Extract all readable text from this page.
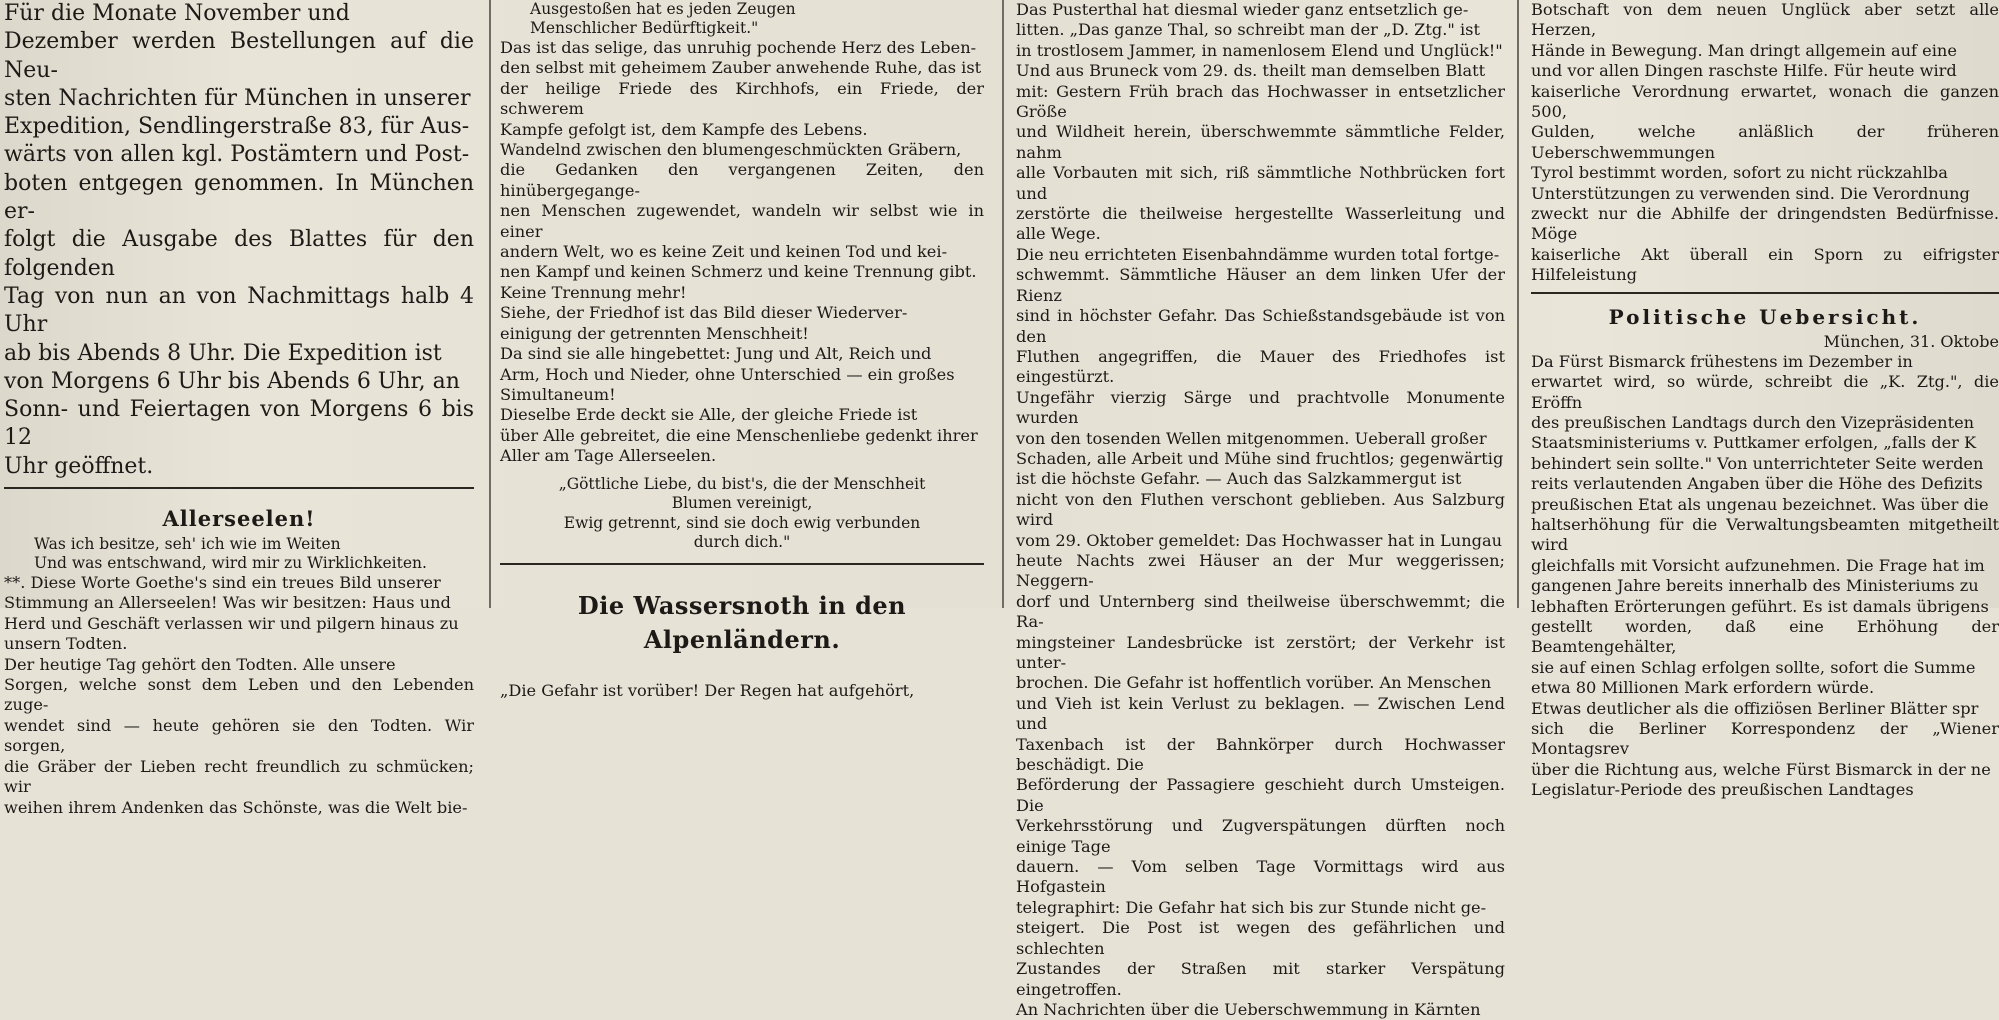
Für die Monate November und

Dezember werden Bestellungen auf die Neu-

sten Nachrichten für München in unserer

Expedition, Sendlingerstraße 83, für Aus-

wärts von allen kgl. Postämtern und Post-

boten entgegen genommen. In München er-

folgt die Ausgabe des Blattes für den folgenden

Tag von nun an von Nachmittags halb 4 Uhr

ab bis Abends 8 Uhr. Die Expedition ist

von Morgens 6 Uhr bis Abends 6 Uhr, an

Sonn- und Feiertagen von Morgens 6 bis 12

Uhr geöffnet.

Allerseelen!

Was ich besitze, seh' ich wie im Weiten

Und was entschwand, wird mir zu Wirklichkeiten.

**. Diese Worte Goethe's sind ein treues Bild unserer

Stimmung an Allerseelen! Was wir besitzen: Haus und

Herd und Geschäft verlassen wir und pilgern hinaus zu

unsern Todten.

Der heutige Tag gehört den Todten. Alle unsere

Sorgen, welche sonst dem Leben und den Lebenden zuge-

wendet sind — heute gehören sie den Todten. Wir sorgen,

die Gräber der Lieben recht freundlich zu schmücken; wir

weihen ihrem Andenken das Schönste, was die Welt bie-

Ausgestoßen hat es jeden Zeugen

Menschlicher Bedürftigkeit."

Das ist das selige, das unruhig pochende Herz des Leben-

den selbst mit geheimem Zauber anwehende Ruhe, das ist

der heilige Friede des Kirchhofs, ein Friede, der schwerem

Kampfe gefolgt ist, dem Kampfe des Lebens.

Wandelnd zwischen den blumengeschmückten Gräbern,

die Gedanken den vergangenen Zeiten, den hinübergegange-

nen Menschen zugewendet, wandeln wir selbst wie in einer

andern Welt, wo es keine Zeit und keinen Tod und kei-

nen Kampf und keinen Schmerz und keine Trennung gibt.

Keine Trennung mehr!

Siehe, der Friedhof ist das Bild dieser Wiederver-

einigung der getrennten Menschheit!

Da sind sie alle hingebettet: Jung und Alt, Reich und

Arm, Hoch und Nieder, ohne Unterschied — ein großes

Simultaneum!

Dieselbe Erde deckt sie Alle, der gleiche Friede ist

über Alle gebreitet, die eine Menschenliebe gedenkt ihrer

Aller am Tage Allerseelen.

„Göttliche Liebe, du bist's, die der Menschheit

Blumen vereinigt,

Ewig getrennt, sind sie doch ewig verbunden

durch dich."

Die Wassersnoth in den Alpenländern.

„Die Gefahr ist vorüber! Der Regen hat aufgehört,

Das Pusterthal hat diesmal wieder ganz entsetzlich ge-

litten. „Das ganze Thal, so schreibt man der „D. Ztg." ist

in trostlosem Jammer, in namenlosem Elend und Unglück!"

Und aus Bruneck vom 29. ds. theilt man demselben Blatt

mit: Gestern Früh brach das Hochwasser in entsetzlicher Größe

und Wildheit herein, überschwemmte sämmtliche Felder, nahm

alle Vorbauten mit sich, riß sämmtliche Nothbrücken fort und

zerstörte die theilweise hergestellte Wasserleitung und alle Wege.

Die neu errichteten Eisenbahndämme wurden total fortge-

schwemmt. Sämmtliche Häuser an dem linken Ufer der Rienz

sind in höchster Gefahr. Das Schießstandsgebäude ist von den

Fluthen angegriffen, die Mauer des Friedhofes ist eingestürzt.

Ungefähr vierzig Särge und prachtvolle Monumente wurden

von den tosenden Wellen mitgenommen. Ueberall großer

Schaden, alle Arbeit und Mühe sind fruchtlos; gegenwärtig

ist die höchste Gefahr. — Auch das Salzkammergut ist

nicht von den Fluthen verschont geblieben. Aus Salzburg wird

vom 29. Oktober gemeldet: Das Hochwasser hat in Lungau

heute Nachts zwei Häuser an der Mur weggerissen; Neggern-

dorf und Unternberg sind theilweise überschwemmt; die Ra-

mingsteiner Landesbrücke ist zerstört; der Verkehr ist unter-

brochen. Die Gefahr ist hoffentlich vorüber. An Menschen

und Vieh ist kein Verlust zu beklagen. — Zwischen Lend und

Taxenbach ist der Bahnkörper durch Hochwasser beschädigt. Die

Beförderung der Passagiere geschieht durch Umsteigen. Die

Verkehrsstörung und Zugverspätungen dürften noch einige Tage

dauern. — Vom selben Tage Vormittags wird aus Hofgastein

telegraphirt: Die Gefahr hat sich bis zur Stunde nicht ge-

steigert. Die Post ist wegen des gefährlichen und schlechten

Zustandes der Straßen mit starker Verspätung eingetroffen.

An Nachrichten über die Ueberschwemmung in Kärnten

Botschaft von dem neuen Unglück aber setzt alle Herzen,

Hände in Bewegung. Man dringt allgemein auf eine

und vor allen Dingen raschste Hilfe. Für heute wird

kaiserliche Verordnung erwartet, wonach die ganzen 500,

Gulden, welche anläßlich der früheren Ueberschwemmungen

Tyrol bestimmt worden, sofort zu nicht rückzahlba

Unterstützungen zu verwenden sind. Die Verordnung

zweckt nur die Abhilfe der dringendsten Bedürfnisse. Möge

kaiserliche Akt überall ein Sporn zu eifrigster Hilfeleistung

Politische Uebersicht.

München, 31. Oktobe

Da Fürst Bismarck frühestens im Dezember in

erwartet wird, so würde, schreibt die „K. Ztg.", die Eröffn

des preußischen Landtags durch den Vizepräsidenten

Staatsministeriums v. Puttkamer erfolgen, „falls der K

behindert sein sollte." Von unterrichteter Seite werden

reits verlautenden Angaben über die Höhe des Defizits

preußischen Etat als ungenau bezeichnet. Was über die

haltserhöhung für die Verwaltungsbeamten mitgetheilt wird

gleichfalls mit Vorsicht aufzunehmen. Die Frage hat im

gangenen Jahre bereits innerhalb des Ministeriums zu

lebhaften Erörterungen geführt. Es ist damals übrigens

gestellt worden, daß eine Erhöhung der Beamtengehälter,

sie auf einen Schlag erfolgen sollte, sofort die Summe

etwa 80 Millionen Mark erfordern würde.

Etwas deutlicher als die offiziösen Berliner Blätter spr

sich die Berliner Korrespondenz der „Wiener Montagsrev

über die Richtung aus, welche Fürst Bismarck in der ne

Legislatur-Periode des preußischen Landtages
